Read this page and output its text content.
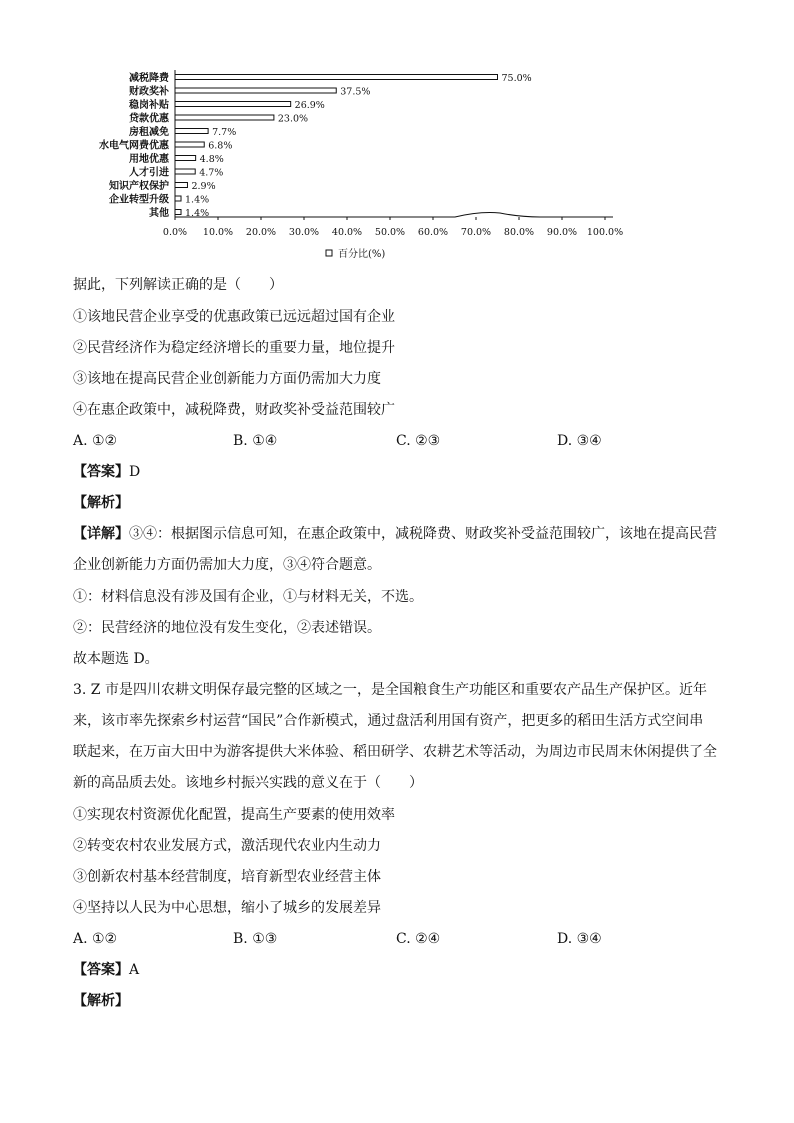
减税降费
财政奖补
稳岗补贴
贷款优惠
房租减免
水电气网费优惠
用地优惠
人才引进
知识产权保护
企业转型升级
其他
75.0%
37.5%
26.9%
23.0%
7.7%
6.8%
4.8%
4.7%
2.9%
1.4%
1.4%
0.0% 10.0% 20.0% 30.0% 40.0% 50.0% 60.0% 70.0% 80.0% 90.0% 100.0%
百分比(%)
据此，下列解读正确的是（　　）
①该地民营企业享受的优惠政策已远远超过国有企业
②民营经济作为稳定经济增长的重要力量，地位提升
③该地在提高民营企业创新能力方面仍需加大力度
④在惠企政策中，减税降费，财政奖补受益范围较广
A. ①②	B. ①④	C. ②③	D. ③④
【答案】D
【解析】
【详解】③④：根据图示信息可知，在惠企政策中，减税降费、财政奖补受益范围较广，该地在提高民营
企业创新能力方面仍需加大力度，③④符合题意。
①：材料信息没有涉及国有企业，①与材料无关，不选。
②：民营经济的地位没有发生变化，②表述错误。
故本题选 D。
3. Z 市是四川农耕文明保存最完整的区域之一，是全国粮食生产功能区和重要农产品生产保护区。近年
来，该市率先探索乡村运营“国民”合作新模式，通过盘活利用国有资产，把更多的稻田生活方式空间串
联起来，在万亩大田中为游客提供大米体验、稻田研学、农耕艺术等活动，为周边市民周末休闲提供了全
新的高品质去处。该地乡村振兴实践的意义在于（　　）
①实现农村资源优化配置，提高生产要素的使用效率
②转变农村农业发展方式，激活现代农业内生动力
③创新农村基本经营制度，培育新型农业经营主体
④坚持以人民为中心思想，缩小了城乡的发展差异
A. ①②	B. ①③	C. ②④	D. ③④
【答案】A
【解析】
